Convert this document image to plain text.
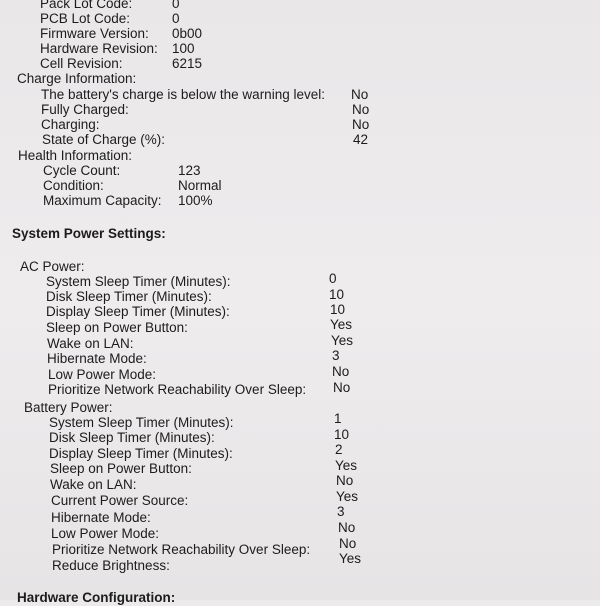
Pack Lot Code:	0
PCB Lot Code:	0
Firmware Version: 0b00
Hardware Revision: 100
Cell Revision:	6215
Charge Information:
The battery's charge is below the warning level: No
Fully Charged:	No
Charging:	No
State of Charge (%):	42
Health Information:
Cycle Count:	123
Condition:	Normal
Maximum Capacity: 100%
System Power Settings:
AC Power:
System Sleep Timer (Minutes):	0
Disk Sleep Timer (Minutes):	10
Display Sleep Timer (Minutes):	10
Sleep on Power Button:	Yes
Wake on LAN:	Yes
Hibernate Mode:	3
Low Power Mode:	No
Prioritize Network Reachability Over Sleep: No
Battery Power:
System Sleep Timer (Minutes):	1
Disk Sleep Timer (Minutes):	10
Display Sleep Timer (Minutes):	2
Sleep on Power Button:	Yes
Wake on LAN:	No
Current Power Source:	Yes
Hibernate Mode:	3
Low Power Mode:	No
Prioritize Network Reachability Over Sleep: No
Reduce Brightness:	Yes
Hardware Configuration:
